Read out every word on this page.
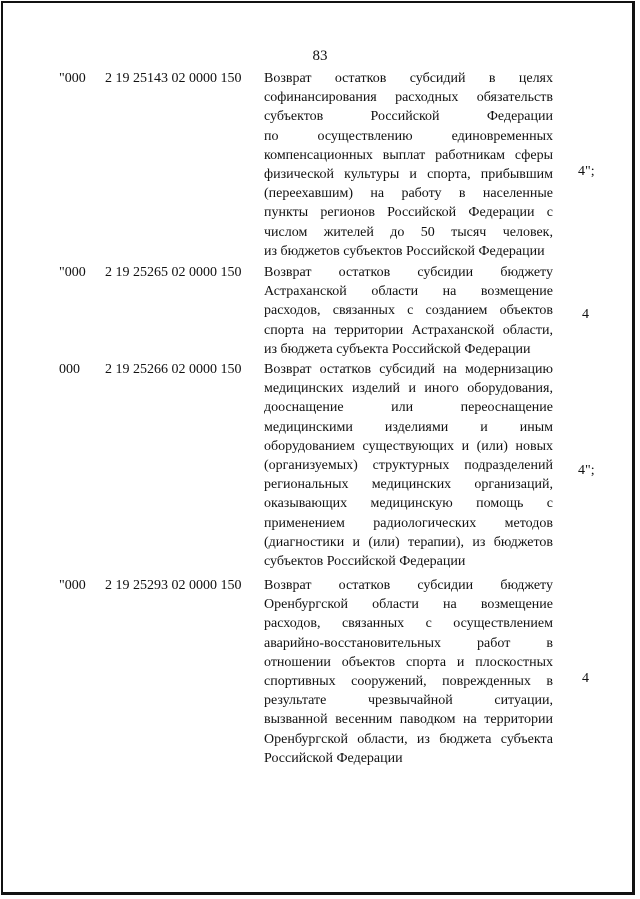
83
"000 2 19 25143 02 0000 150 Возврат остатков субсидий в целях
софинансирования расходных обязательств
субъектов Российской Федерации
по осуществлению единовременных
компенсационных выплат работникам сферы
физической культуры и спорта, прибывшим
(переехавшим) на работу в населенные
пункты регионов Российской Федерации с
числом жителей до 50 тысяч человек,
из бюджетов субъектов Российской Федерации
4";
"000 2 19 25265 02 0000 150 Возврат остатков субсидии бюджету
Астраханской области на возмещение
расходов, связанных с созданием объектов
спорта на территории Астраханской области,
из бюджета субъекта Российской Федерации
4
000 2 19 25266 02 0000 150 Возврат остатков субсидий на модернизацию
медицинских изделий и иного оборудования,
дооснащение или переоснащение
медицинскими изделиями и иным
оборудованием существующих и (или) новых
(организуемых) структурных подразделений
региональных медицинских организаций,
оказывающих медицинскую помощь с
применением радиологических методов
(диагностики и (или) терапии), из бюджетов
субъектов Российской Федерации
4";
"000 2 19 25293 02 0000 150 Возврат остатков субсидии бюджету
Оренбургской области на возмещение
расходов, связанных с осуществлением
аварийно-восстановительных работ в
отношении объектов спорта и плоскостных
спортивных сооружений, поврежденных в
результате чрезвычайной ситуации,
вызванной весенним паводком на территории
Оренбургской области, из бюджета субъекта
Российской Федерации
4
